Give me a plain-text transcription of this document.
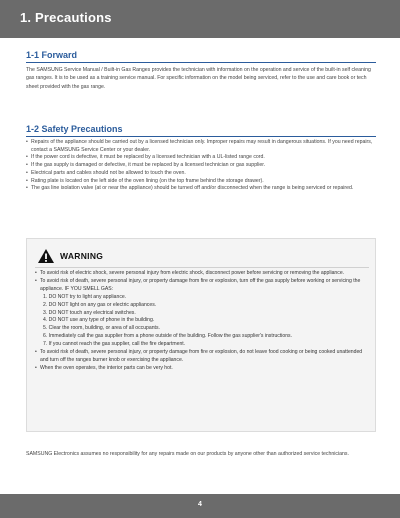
1. Precautions
1-1 Forward
The SAMSUNG Service Manual / Built-in Gas Ranges provides the technician with information on the operation and service of the built-in self cleaning gas ranges. It is to be used as a training service manual. For specific information on the model being serviced, refer to the use and care book or tech sheet provided with the gas range.
1-2 Safety Precautions
• Repairs of the appliance should be carried out by a licensed technician only. Improper repairs may result in dangerous situations. If you need repairs, contact a SAMSUNG Service Center or your dealer.
• If the power cord is defective, it must be replaced by a licensed technician with a UL-listed range cord.
• If the gas supply is damaged or defective, it must be replaced by a licensed technician or gas supplier.
• Electrical parts and cables should not be allowed to touch the oven.
• Rating plate is located on the left side of the oven lining (on the top frame behind the storage drawer).
• The gas line isolation valve (at or near the appliance) should be turned off and/or disconnected when the range is being serviced or repaired.
WARNING
• To avoid risk of electric shock, severe personal injury from electric shock, disconnect power before servicing or removing the appliance.
• To avoid risk of death, severe personal injury, or property damage from fire or explosion, turn off the gas supply before working or servicing the appliance. IF YOU SMELL GAS:
1. DO NOT try to light any appliance.
2. DO NOT light on any gas or electric appliances.
3. DO NOT touch any electrical switches.
4. DO NOT use any type of phone in the building.
5. Clear the room, building, or area of all occupants.
6. Immediately call the gas supplier from a phone outside of the building. Follow the gas supplier's instructions.
7. If you cannot reach the gas supplier, call the fire department.
• To avoid risk of death, severe personal injury, or property damage from fire or explosion, do not leave food cooking or being cooked unattended and turn off the ranges burner knob or exercising the appliance.
• When the oven operates, the interior parts can be very hot.
SAMSUNG Electronics assumes no responsibility for any repairs made on our products by anyone other than authorized service technicians.
4
